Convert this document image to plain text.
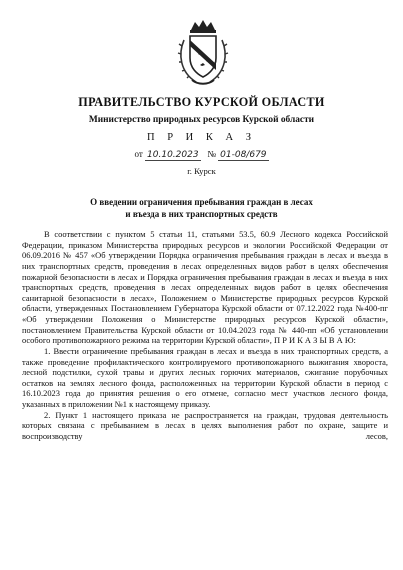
ПРАВИТЕЛЬСТВО КУРСКОЙ ОБЛАСТИ
Министерство природных ресурсов Курской области
П Р И К А З
от 10.10.2023 № 01-08/679
г. Курск
О введении ограничения пребывания граждан в лесах
и въезда в них транспортных средств

В соответствии с пунктом 5 статьи 11, статьями 53.5, 60.9 Лесного кодекса Российской Федерации, приказом Министерства природных ресурсов и экологии Российской Федерации от 06.09.2016 № 457 «Об утверждении Порядка ограничения пребывания граждан в лесах и въезда в них транспортных средств, проведения в лесах определенных видов работ в целях обеспечения пожарной безопасности в лесах и Порядка ограничения пребывания граждан в лесах и въезда в них транспортных средств, проведения в лесах определенных видов работ в целях обеспечения санитарной безопасности в лесах», Положением о Министерстве природных ресурсов Курской области, утвержденных Постановлением Губернатора Курской области от 07.12.2022 года №400-пг «Об утверждении Положения о Министерстве природных ресурсов Курской области», постановлением Правительства Курской области от 10.04.2023 года № 440-пп «Об установлении особого противопожарного режима на территории Курской области», П Р И К А З Ы В А Ю:

1. Ввести ограничение пребывания граждан в лесах и въезда в них транспортных средств, а также проведение профилактического контролируемого противопожарного выжигания хвороста, лесной подстилки, сухой травы и других лесных горючих материалов, сжигание порубочных остатков на землях лесного фонда, расположенных на территории Курской области в период с 16.10.2023 года до принятия решения о его отмене, согласно мест участков лесного фонда, указанных в приложении №1 к настоящему приказу.

2. Пункт 1 настоящего приказа не распространяется на граждан, трудовая деятельность которых связана с пребыванием в лесах в целях выполнения работ по охране, защите и воспроизводству лесов,
